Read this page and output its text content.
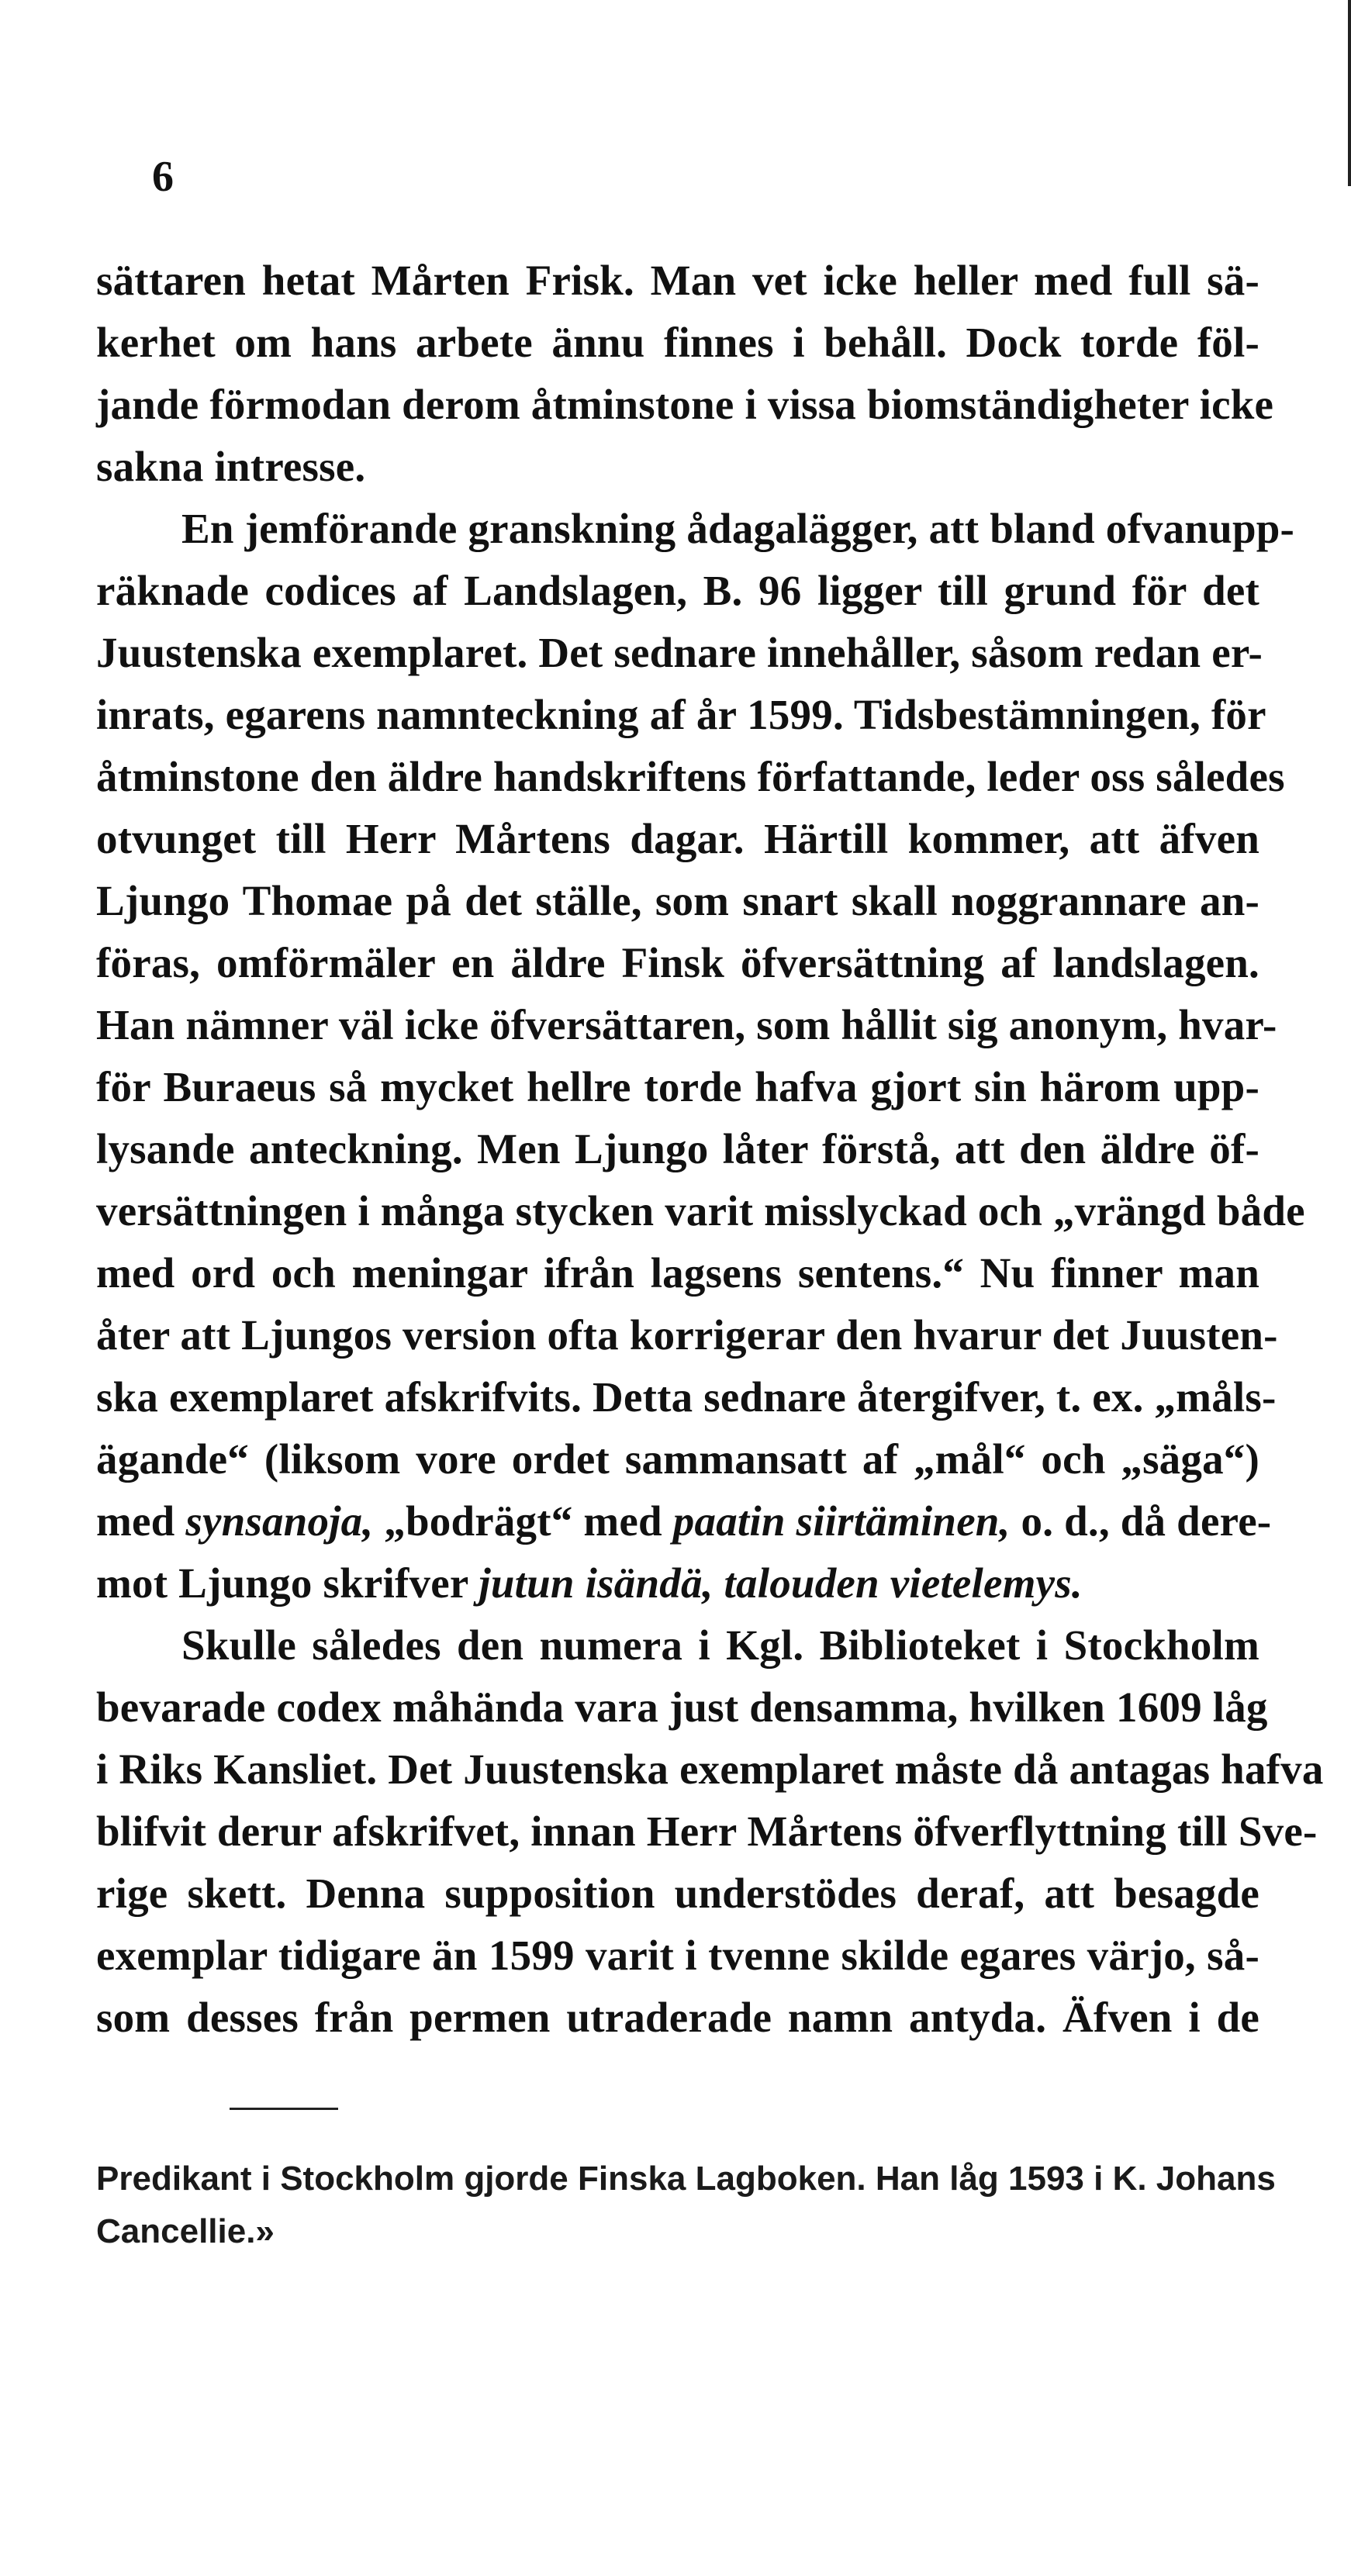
6
sättaren hetat Mårten Frisk. Man vet icke heller med full sä-
kerhet om hans arbete ännu finnes i behåll. Dock torde föl-
jande förmodan derom åtminstone i vissa biomständigheter icke
sakna intresse.
En jemförande granskning ådagalägger, att bland ofvanupp-
räknade codices af Landslagen, B. 96 ligger till grund för det
Juustenska exemplaret. Det sednare innehåller, såsom redan er-
inrats, egarens namnteckning af år 1599. Tidsbestämningen, för
åtminstone den äldre handskriftens författande, leder oss således
otvunget till Herr Mårtens dagar. Härtill kommer, att äfven
Ljungo Thomae på det ställe, som snart skall noggrannare an-
föras, omförmäler en äldre Finsk öfversättning af landslagen.
Han nämner väl icke öfversättaren, som hållit sig anonym, hvar-
för Buraeus så mycket hellre torde hafva gjort sin härom upp-
lysande anteckning. Men Ljungo låter förstå, att den äldre öf-
versättningen i många stycken varit misslyckad och „vrängd både
med ord och meningar ifrån lagsens sentens.“ Nu finner man
åter att Ljungos version ofta korrigerar den hvarur det Juusten-
ska exemplaret afskrifvits. Detta sednare återgifver, t. ex. „måls-
ägande“ (liksom vore ordet sammansatt af „mål“ och „säga“)
med synsanoja, „bodrägt“ med paatin siirtäminen, o. d., då dere-
mot Ljungo skrifver jutun isändä, talouden vietelemys.
Skulle således den numera i Kgl. Biblioteket i Stockholm
bevarade codex måhända vara just densamma, hvilken 1609 låg
i Riks Kansliet. Det Juustenska exemplaret måste då antagas hafva
blifvit derur afskrifvet, innan Herr Mårtens öfverflyttning till Sve-
rige skett. Denna supposition understödes deraf, att besagde
exemplar tidigare än 1599 varit i tvenne skilde egares värjo, så-
som desses från permen utraderade namn antyda. Äfven i de
Predikant i Stockholm gjorde Finska Lagboken. Han låg 1593 i K. Johans
Cancellie.»
